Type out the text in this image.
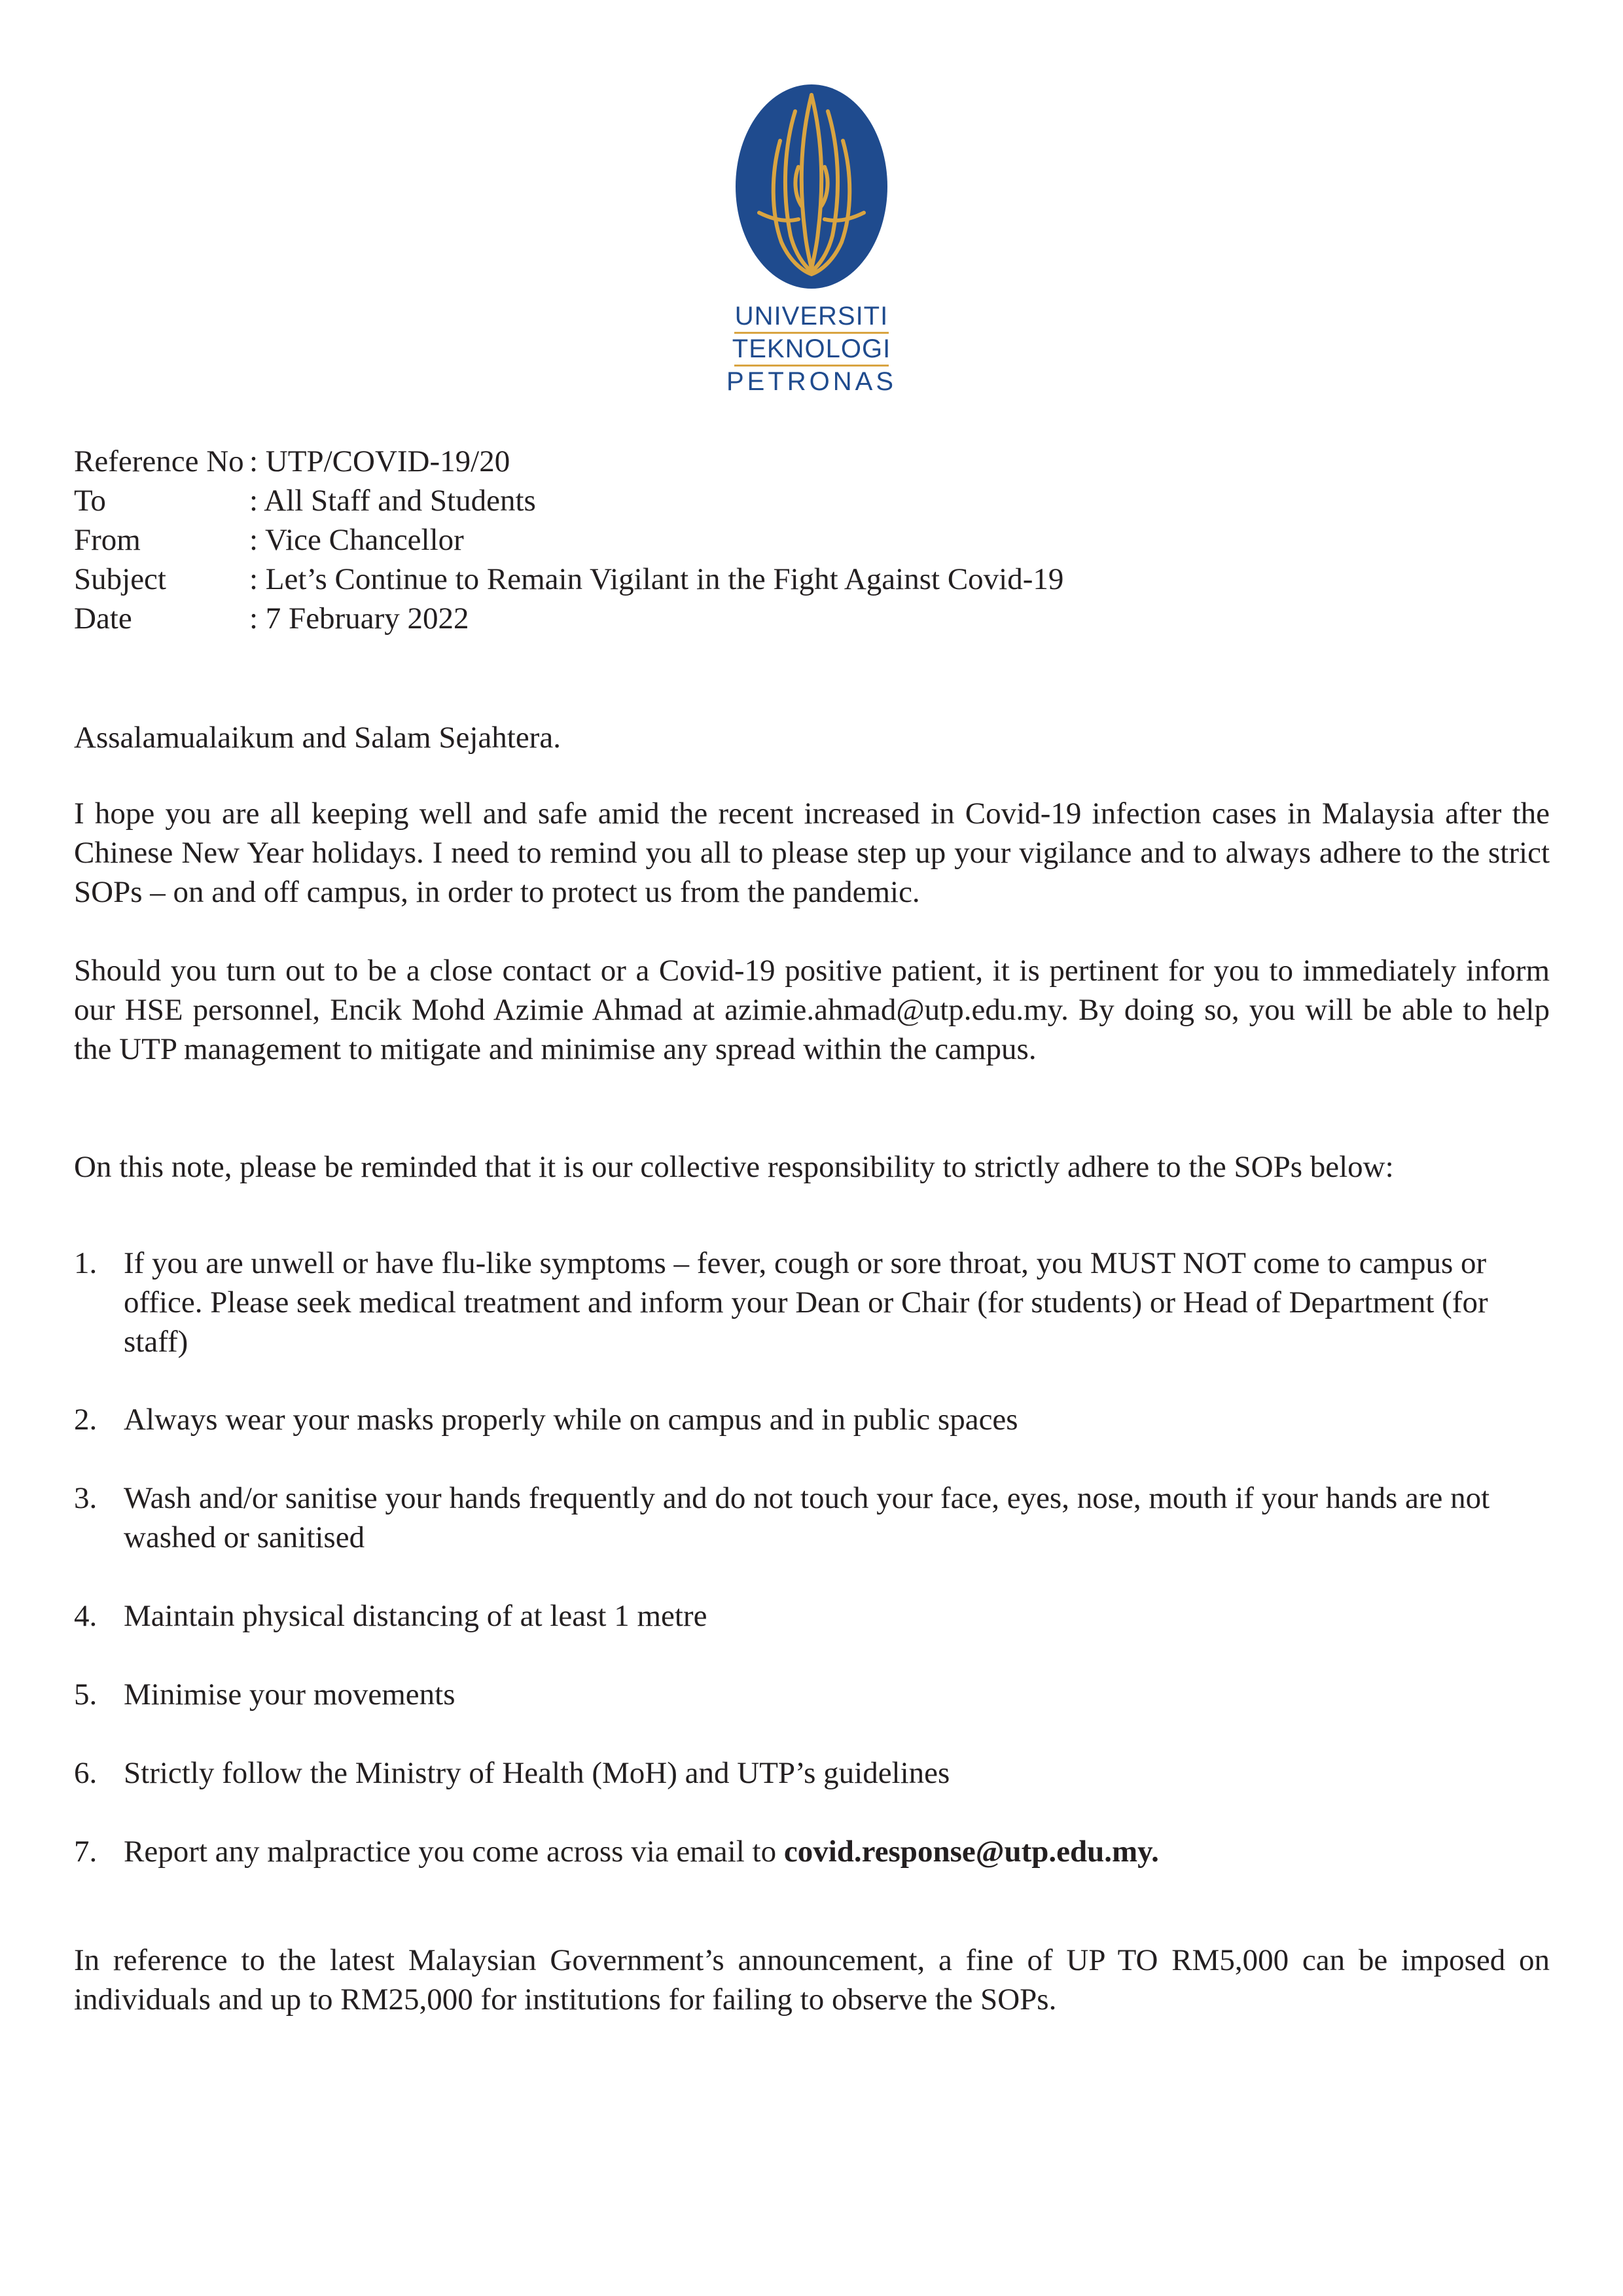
UNIVERSITI
TEKNOLOGI
PETRONAS
Reference No : UTP/COVID-19/20
To	: All Staff and Students
From	: Vice Chancellor
Subject	: Let’s Continue to Remain Vigilant in the Fight Against Covid-19
Date	: 7 February 2022

Assalamualaikum and Salam Sejahtera.

I hope you are all keeping well and safe amid the recent increased in Covid-19 infection cases in Malaysia after the Chinese New Year holidays. I need to remind you all to please step up your vigilance and to always adhere to the strict SOPs – on and off campus, in order to protect us from the pandemic.

Should you turn out to be a close contact or a Covid-19 positive patient, it is pertinent for you to immediately inform our HSE personnel, Encik Mohd Azimie Ahmad at azimie.ahmad@utp.edu.my. By doing so, you will be able to help the UTP management to mitigate and minimise any spread within the campus.

On this note, please be reminded that it is our collective responsibility to strictly adhere to the SOPs below:

1. If you are unwell or have flu-like symptoms – fever, cough or sore throat, you MUST NOT come to campus or office. Please seek medical treatment and inform your Dean or Chair (for students) or Head of Department (for staff)
2. Always wear your masks properly while on campus and in public spaces
3. Wash and/or sanitise your hands frequently and do not touch your face, eyes, nose, mouth if your hands are not washed or sanitised
4. Maintain physical distancing of at least 1 metre
5. Minimise your movements
6. Strictly follow the Ministry of Health (MoH) and UTP’s guidelines
7. Report any malpractice you come across via email to covid.response@utp.edu.my.

In reference to the latest Malaysian Government’s announcement, a fine of UP TO RM5,000 can be imposed on individuals and up to RM25,000 for institutions for failing to observe the SOPs.
